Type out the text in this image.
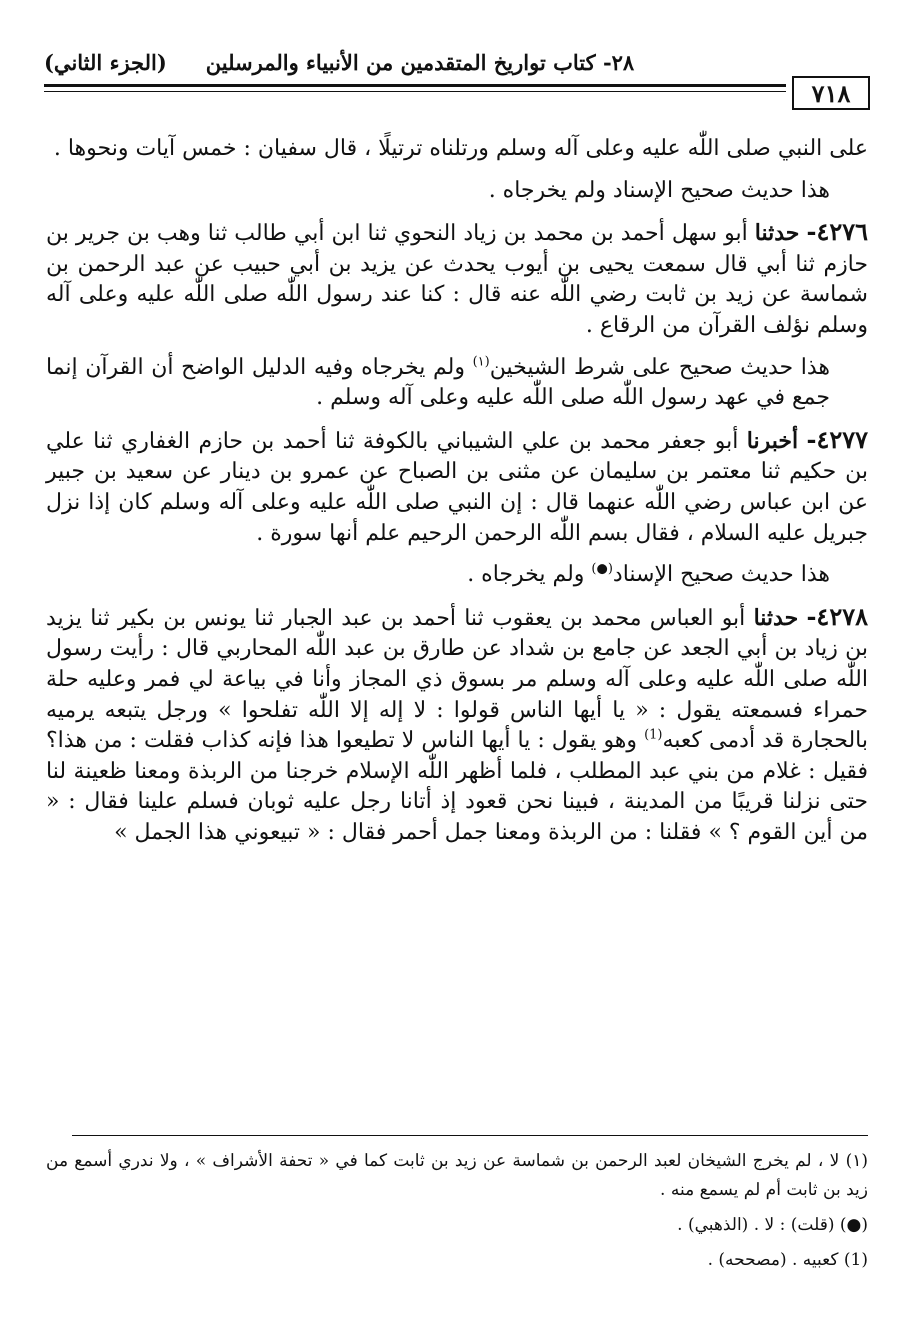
٧١٨
٢٨- كتاب تواريخ المتقدمين من الأنبياء والمرسلين
(الجزء الثاني)

على النبي صلى اللّٰه عليه وعلى آله وسلم ورتلناه ترتيلًا ، قال سفيان : خمس آيات ونحوها .

هذا حديث صحيح الإسناد ولم يخرجاه .

٤٢٧٦- حدثنا أبو سهل أحمد بن محمد بن زياد النحوي ثنا ابن أبي طالب ثنا وهب بن جرير بن حازم ثنا أبي قال سمعت يحيى بن أيوب يحدث عن يزيد بن أبي حبيب عن عبد الرحمن بن شماسة عن زيد بن ثابت رضي اللّٰه عنه قال : كنا عند رسول اللّٰه صلى اللّٰه عليه وعلى آله وسلم نؤلف القرآن من الرقاع .

هذا حديث صحيح على شرط الشيخين$^{(١)}$ ولم يخرجاه وفيه الدليل الواضح أن القرآن إنما جمع في عهد رسول اللّٰه صلى اللّٰه عليه وعلى آله وسلم .

٤٢٧٧- أخبرنا أبو جعفر محمد بن علي الشيباني بالكوفة ثنا أحمد بن حازم الغفاري ثنا علي بن حكيم ثنا معتمر بن سليمان عن مثنى بن الصباح عن عمرو بن دينار عن سعيد بن جبير عن ابن عباس رضي اللّٰه عنهما قال : إن النبي صلى اللّٰه عليه وعلى آله وسلم كان إذا نزل جبريل عليه السلام ، فقال بسم اللّٰه الرحمن الرحيم علم أنها سورة .

هذا حديث صحيح الإسناد(●) ولم يخرجاه .

٤٢٧٨- حدثنا أبو العباس محمد بن يعقوب ثنا أحمد بن عبد الجبار ثنا يونس بن بكير ثنا يزيد بن زياد بن أبي الجعد عن جامع بن شداد عن طارق بن عبد اللّٰه المحاربي قال : رأيت رسول اللّٰه صلى اللّٰه عليه وعلى آله وسلم مر بسوق ذي المجاز وأنا في بياعة لي فمر وعليه حلة حمراء فسمعته يقول : « يا أيها الناس قولوا : لا إله إلا اللّٰه تفلحوا » ورجل يتبعه يرميه بالحجارة قد أدمى كعبه$^{(1)}$ وهو يقول : يا أيها الناس لا تطيعوا هذا فإنه كذاب فقلت : من هذا؟ فقيل : غلام من بني عبد المطلب ، فلما أظهر اللّٰه الإسلام خرجنا من الربذة ومعنا ظعينة لنا حتى نزلنا قريبًا من المدينة ، فبينا نحن قعود إذ أتانا رجل عليه ثوبان فسلم علينا فقال : « من أين القوم ؟ » فقلنا : من الربذة ومعنا جمل أحمر فقال : « تبيعوني هذا الجمل »

(١) لا ، لم يخرج الشيخان لعبد الرحمن بن شماسة عن زيد بن ثابت كما في « تحفة الأشراف » ، ولا ندري أسمع من زيد بن ثابت أم لم يسمع منه .

(●) (قلت) : لا . (الذهبي) .

(1) كعبيه . (مصححه) .
